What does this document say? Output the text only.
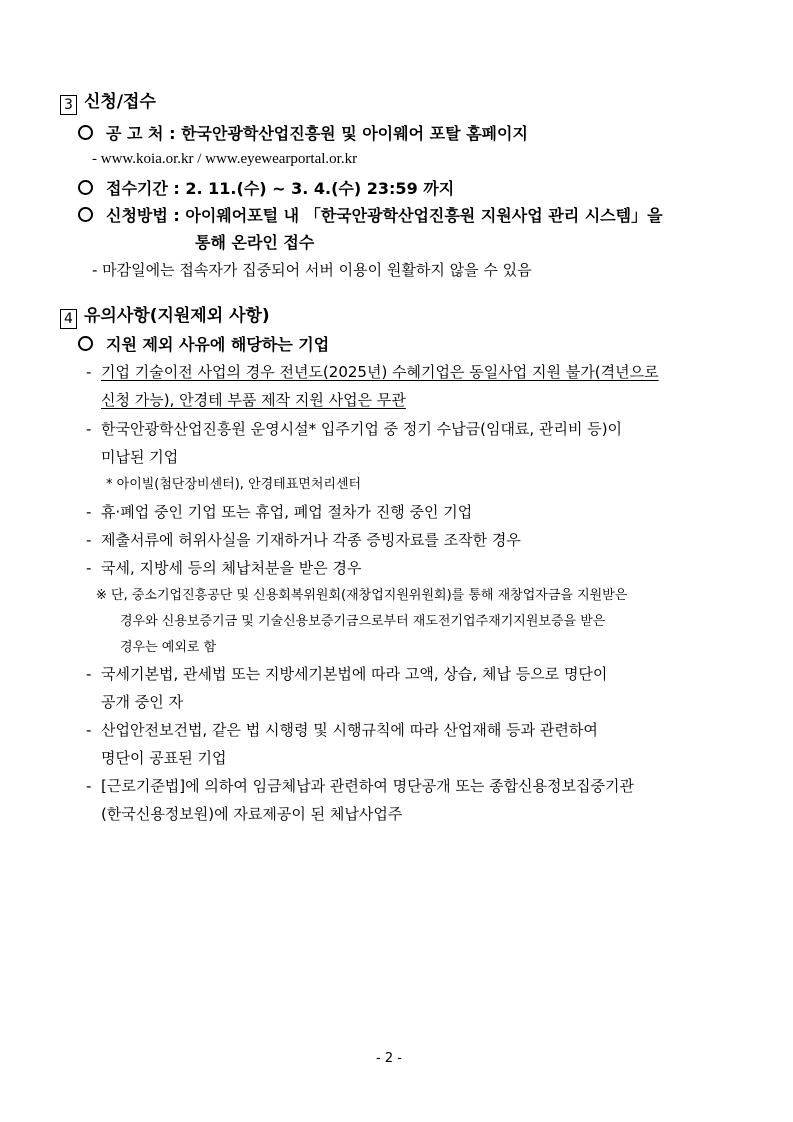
3 신청/접수
공 고 처 : 한국안광학산업진흥원 및 아이웨어 포탈 홈페이지
- www.koia.or.kr / www.eyewearportal.or.kr
접수기간 : 2. 11.(수) ~ 3. 4.(수) 23:59 까지
신청방법 : 아이웨어포털 내 「한국안광학산업진흥원 지원사업 관리 시스템」을
통해 온라인 접수
- 마감일에는 접속자가 집중되어 서버 이용이 원활하지 않을 수 있음
4 유의사항(지원제외 사항)
지원 제외 사유에 해당하는 기업
- 기업 기술이전 사업의 경우 전년도(2025년) 수혜기업은 동일사업 지원 불가(격년으로
신청 가능), 안경테 부품 제작 지원 사업은 무관
- 한국안광학산업진흥원 운영시설* 입주기업 중 정기 수납금(임대료, 관리비 등)이
미납된 기업
* 아이빌(첨단장비센터), 안경테표면처리센터
- 휴·폐업 중인 기업 또는 휴업, 폐업 절차가 진행 중인 기업
- 제출서류에 허위사실을 기재하거나 각종 증빙자료를 조작한 경우
- 국세, 지방세 등의 체납처분을 받은 경우
※ 단, 중소기업진흥공단 및 신용회복위원회(재창업지원위원회)를 통해 재창업자금을 지원받은
경우와 신용보증기금 및 기술신용보증기금으로부터 재도전기업주재기지원보증을 받은
경우는 예외로 함
- 국세기본법, 관세법 또는 지방세기본법에 따라 고액, 상습, 체납 등으로 명단이
공개 중인 자
- 산업안전보건법, 같은 법 시행령 및 시행규칙에 따라 산업재해 등과 관련하여
명단이 공표된 기업
- [근로기준법]에 의하여 임금체납과 관련하여 명단공개 또는 종합신용정보집중기관
(한국신용정보원)에 자료제공이 된 체납사업주
- 2 -
